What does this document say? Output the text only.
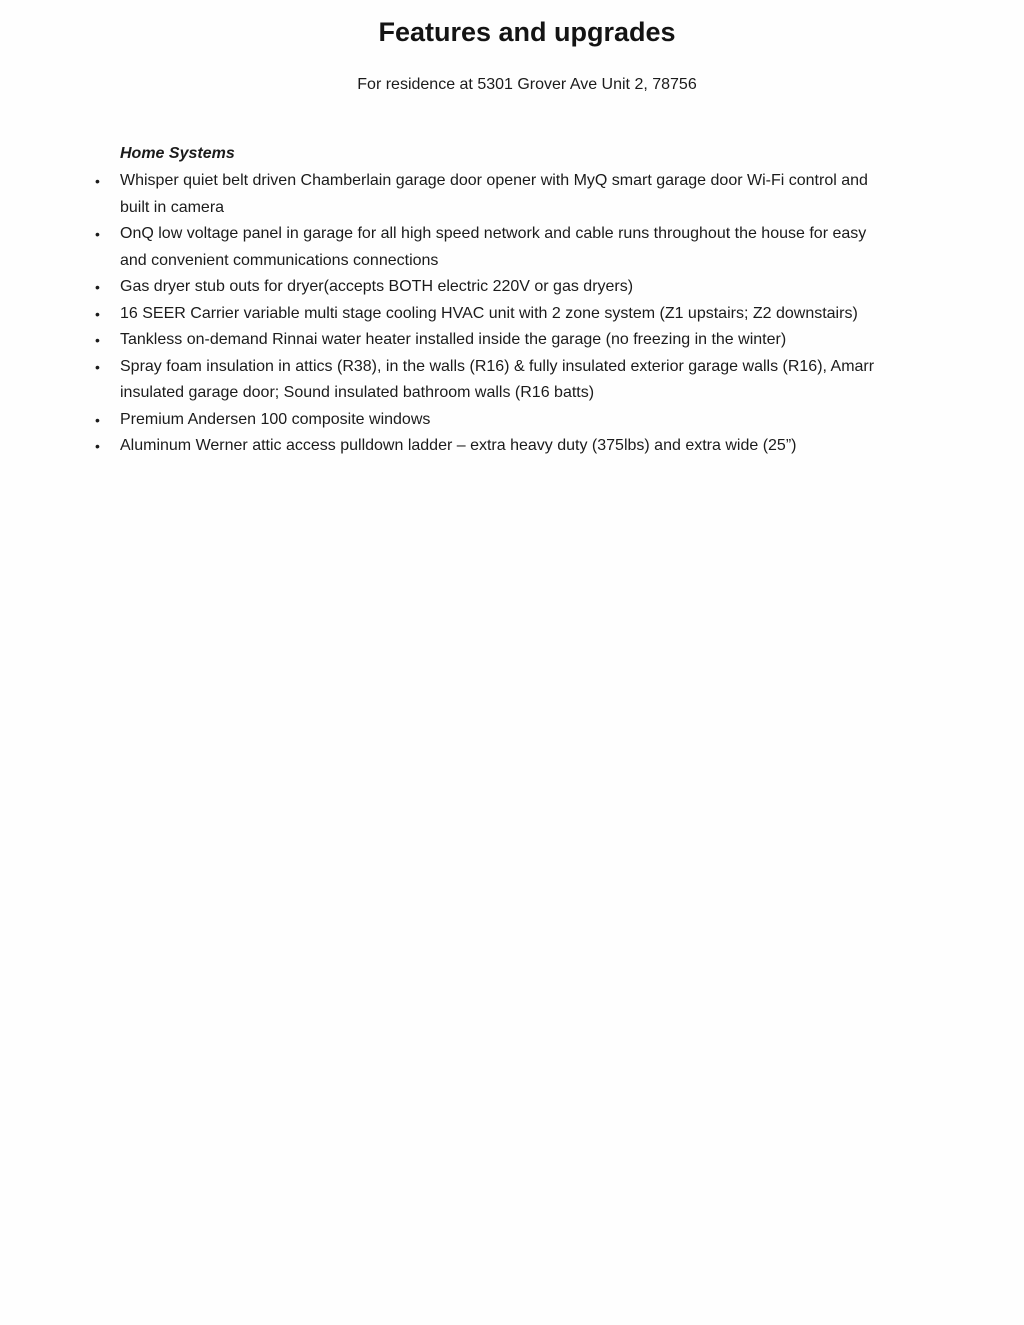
Features and upgrades

For residence at 5301 Grover Ave Unit 2, 78756

Home Systems
• Whisper quiet belt driven Chamberlain garage door opener with MyQ smart garage door Wi-Fi control and built in camera
• OnQ low voltage panel in garage for all high speed network and cable runs throughout the house for easy and convenient communications connections
• Gas dryer stub outs for dryer(accepts BOTH electric 220V or gas dryers)
• 16 SEER Carrier variable multi stage cooling HVAC unit with 2 zone system (Z1 upstairs; Z2 downstairs)
• Tankless on-demand Rinnai water heater installed inside the garage (no freezing in the winter)
• Spray foam insulation in attics (R38), in the walls (R16) & fully insulated exterior garage walls (R16), Amarr insulated garage door; Sound insulated bathroom walls (R16 batts)
• Premium Andersen 100 composite windows
• Aluminum Werner attic access pulldown ladder – extra heavy duty (375lbs) and extra wide (25”)
